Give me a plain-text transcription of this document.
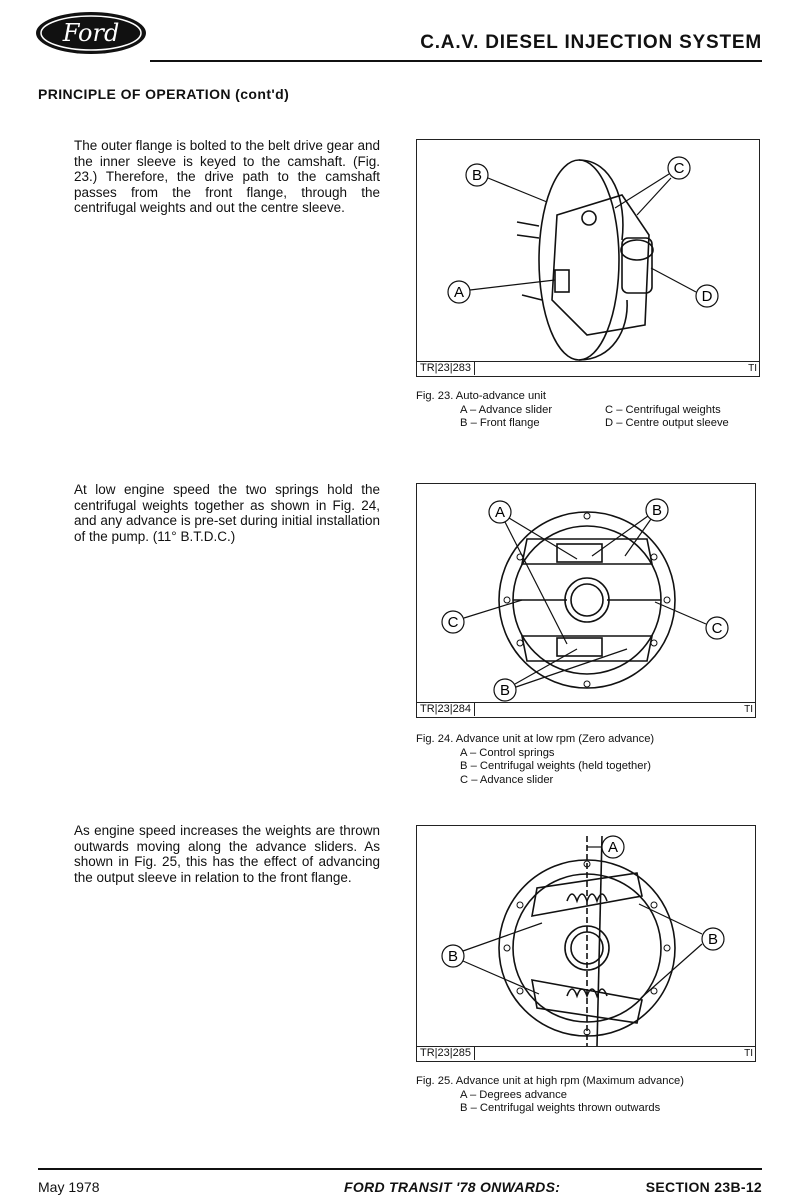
Ford	C.A.V. DIESEL INJECTION SYSTEM
PRINCIPLE OF OPERATION (cont'd)
The outer flange is bolted to the belt drive gear and the inner sleeve is keyed to the camshaft. (Fig. 23.) Therefore, the drive path to the camshaft passes from the front flange, through the centrifugal weights and out the centre sleeve.
At low engine speed the two springs hold the centrifugal weights together as shown in Fig. 24, and any advance is pre-set during initial installation of the pump. (11° B.T.D.C.)
As engine speed increases the weights are thrown outwards moving along the advance sliders. As shown in Fig. 25, this has the effect of advancing the output sleeve in relation to the front flange.
A
B	C
D
TR|23|283	TI
Fig. 23. Auto-advance unit
A – Advance slider
B – Front flange
C – Centrifugal weights
D – Centre output sleeve
A	B
C	C
B
TR|23|284	TI
Fig. 24. Advance unit at low rpm (Zero advance)
A – Control springs
B – Centrifugal weights (held together)
C – Advance slider
A
B
B
TR|23|285	TI
Fig. 25. Advance unit at high rpm (Maximum advance)
A – Degrees advance
B – Centrifugal weights thrown outwards
May 1978	FORD TRANSIT '78 ONWARDS:	SECTION 23B-12
